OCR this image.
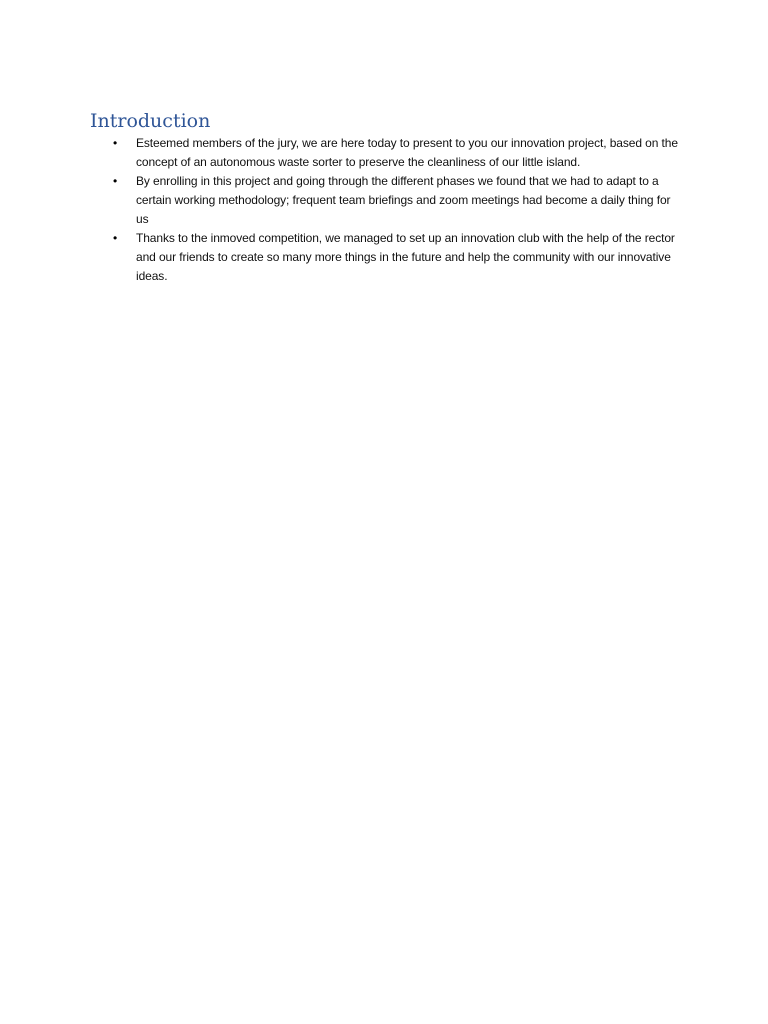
Introduction
•	Esteemed members of the jury, we are here today to present to you our innovation project, based on the concept of an autonomous waste sorter to preserve the cleanliness of our little island.
•	By enrolling in this project and going through the different phases we found that we had to adapt to a certain working methodology; frequent team briefings and zoom meetings had become a daily thing for us
•	Thanks to the inmoved competition, we managed to set up an innovation club with the help of the rector and our friends to create so many more things in the future and help the community with our innovative ideas.
